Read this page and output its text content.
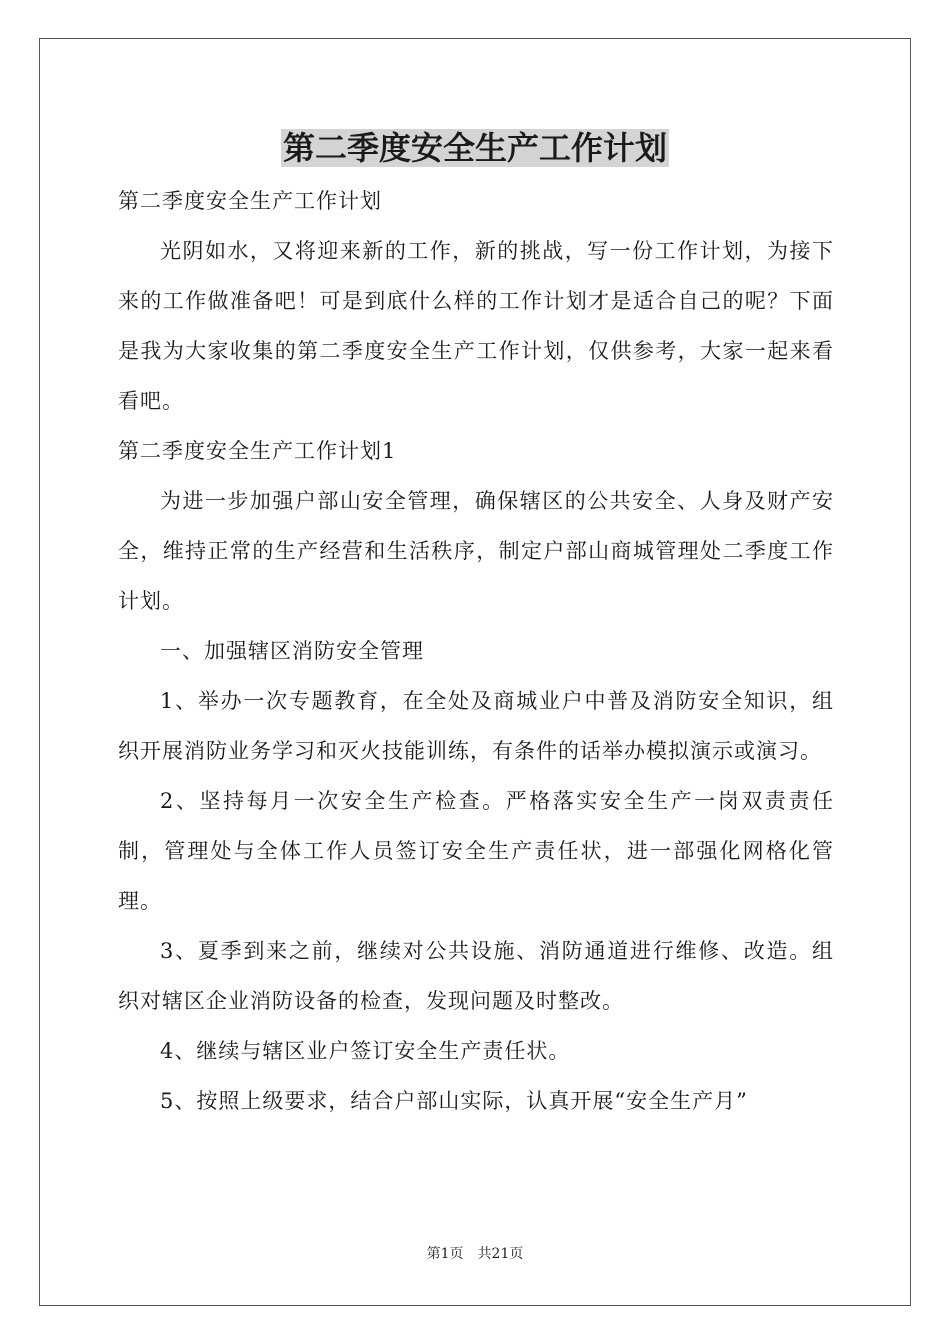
第二季度安全生产工作计划

第二季度安全生产工作计划

光阴如水，又将迎来新的工作，新的挑战，写一份工作计划，为接下来的工作做准备吧！可是到底什么样的工作计划才是适合自己的呢？下面是我为大家收集的第二季度安全生产工作计划，仅供参考，大家一起来看看吧。

第二季度安全生产工作计划1

为进一步加强户部山安全管理，确保辖区的公共安全、人身及财产安全，维持正常的生产经营和生活秩序，制定户部山商城管理处二季度工作计划。

一、加强辖区消防安全管理

1、举办一次专题教育，在全处及商城业户中普及消防安全知识，组织开展消防业务学习和灭火技能训练，有条件的话举办模拟演示或演习。

2、坚持每月一次安全生产检查。严格落实安全生产一岗双责责任制，管理处与全体工作人员签订安全生产责任状，进一部强化网格化管理。

3、夏季到来之前，继续对公共设施、消防通道进行维修、改造。组织对辖区企业消防设备的检查，发现问题及时整改。

4、继续与辖区业户签订安全生产责任状。

5、按照上级要求，结合户部山实际，认真开展“安全生产月”

第1页 共21页
